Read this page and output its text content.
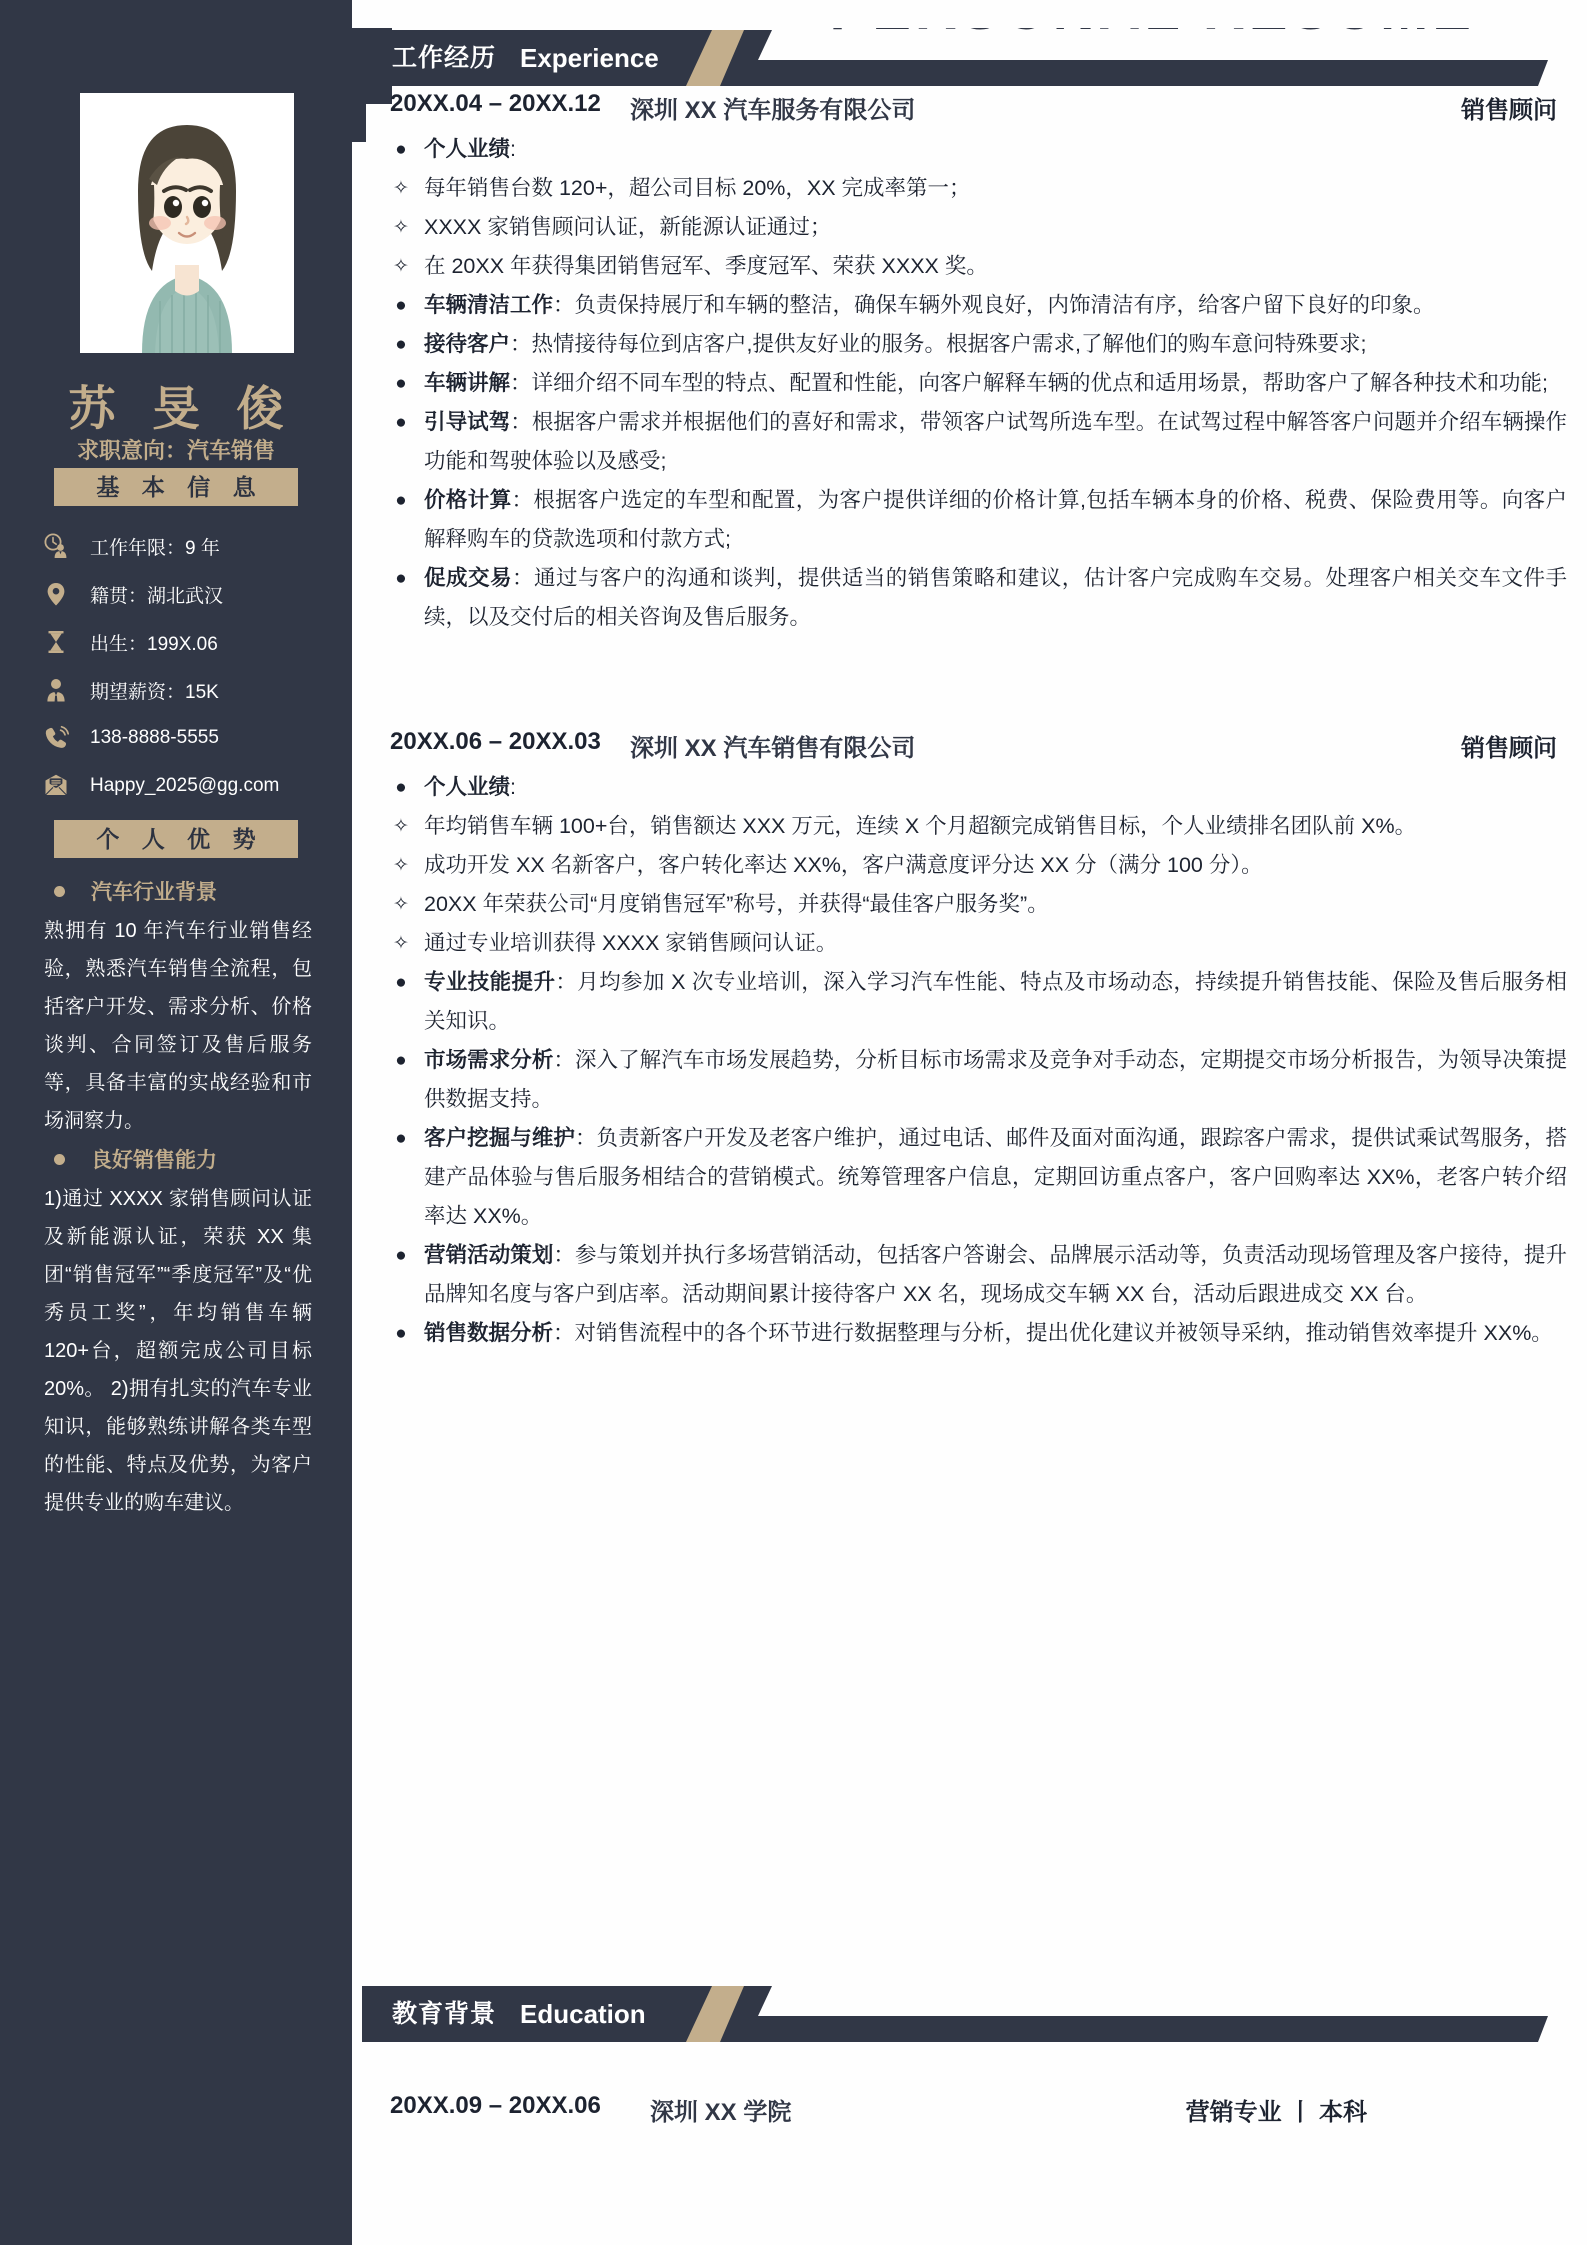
苏 旻 俊
求职意向：汽车销售
基 本 信 息
工作年限：9 年
籍贯：湖北武汉
出生：199X.06
期望薪资：15K
138-8888-5555
Happy_2025@gg.com
个 人 优 势
汽车行业背景
熟拥有 10 年汽车行业销售经验，熟悉汽车销售全流程，包括客户开发、需求分析、价格谈判、合同签订及售后服务等，具备丰富的实战经验和市场洞察力。
良好销售能力
1)通过 XXXX 家销售顾问认证及新能源认证，荣获 XX 集团“销售冠军”“季度冠军”及“优秀员工奖”，年均销售车辆 120+台，超额完成公司目标 20%。 2)拥有扎实的汽车专业知识，能够熟练讲解各类车型的性能、特点及优势，为客户提供专业的购车建议。
工作经历 Experience
20XX.04 – 20XX.12 深圳 XX 汽车服务有限公司	销售顾问
● 个人业绩:
✧ 每年销售台数 120+，超公司目标 20%，XX 完成率第一；
✧ XXXX 家销售顾问认证，新能源认证通过；
✧ 在 20XX 年获得集团销售冠军、季度冠军、荣获 XXXX 奖。
● 车辆清洁工作：负责保持展厅和车辆的整洁，确保车辆外观良好，内饰清洁有序，给客户留下良好的印象。
● 接待客户：热情接待每位到店客户,提供友好业的服务。根据客户需求,了解他们的购车意问特殊要求;
● 车辆讲解：详细介绍不同车型的特点、配置和性能，向客户解释车辆的优点和适用场景，帮助客户了解各种技术和功能;
● 引导试驾：根据客户需求并根据他们的喜好和需求，带领客户试驾所选车型。在试驾过程中解答客户问题并介绍车辆操作功能和驾驶体验以及感受;
● 价格计算：根据客户选定的车型和配置，为客户提供详细的价格计算,包括车辆本身的价格、税费、保险费用等。向客户解释购车的贷款选项和付款方式;
● 促成交易：通过与客户的沟通和谈判，提供适当的销售策略和建议，估计客户完成购车交易。处理客户相关交车文件手续，以及交付后的相关咨询及售后服务。
20XX.06 – 20XX.03 深圳 XX 汽车销售有限公司	销售顾问
● 个人业绩:
✧ 年均销售车辆 100+台，销售额达 XXX 万元，连续 X 个月超额完成销售目标，个人业绩排名团队前 X%。
✧ 成功开发 XX 名新客户，客户转化率达 XX%，客户满意度评分达 XX 分（满分 100 分）。
✧ 20XX 年荣获公司“月度销售冠军”称号，并获得“最佳客户服务奖”。
✧ 通过专业培训获得 XXXX 家销售顾问认证。
● 专业技能提升：月均参加 X 次专业培训，深入学习汽车性能、特点及市场动态，持续提升销售技能、保险及售后服务相关知识。
● 市场需求分析：深入了解汽车市场发展趋势，分析目标市场需求及竞争对手动态，定期提交市场分析报告，为领导决策提供数据支持。
● 客户挖掘与维护：负责新客户开发及老客户维护，通过电话、邮件及面对面沟通，跟踪客户需求，提供试乘试驾服务，搭建产品体验与售后服务相结合的营销模式。统筹管理客户信息，定期回访重点客户，客户回购率达 XX%，老客户转介绍率达 XX%。
● 营销活动策划：参与策划并执行多场营销活动，包括客户答谢会、品牌展示活动等，负责活动现场管理及客户接待，提升品牌知名度与客户到店率。活动期间累计接待客户 XX 名，现场成交车辆 XX 台，活动后跟进成交 XX 台。
● 销售数据分析：对销售流程中的各个环节进行数据整理与分析，提出优化建议并被领导采纳，推动销售效率提升 XX%。
教育背景 Education
20XX.09 – 20XX.06 深圳 XX 学院	营销专业 丨 本科
